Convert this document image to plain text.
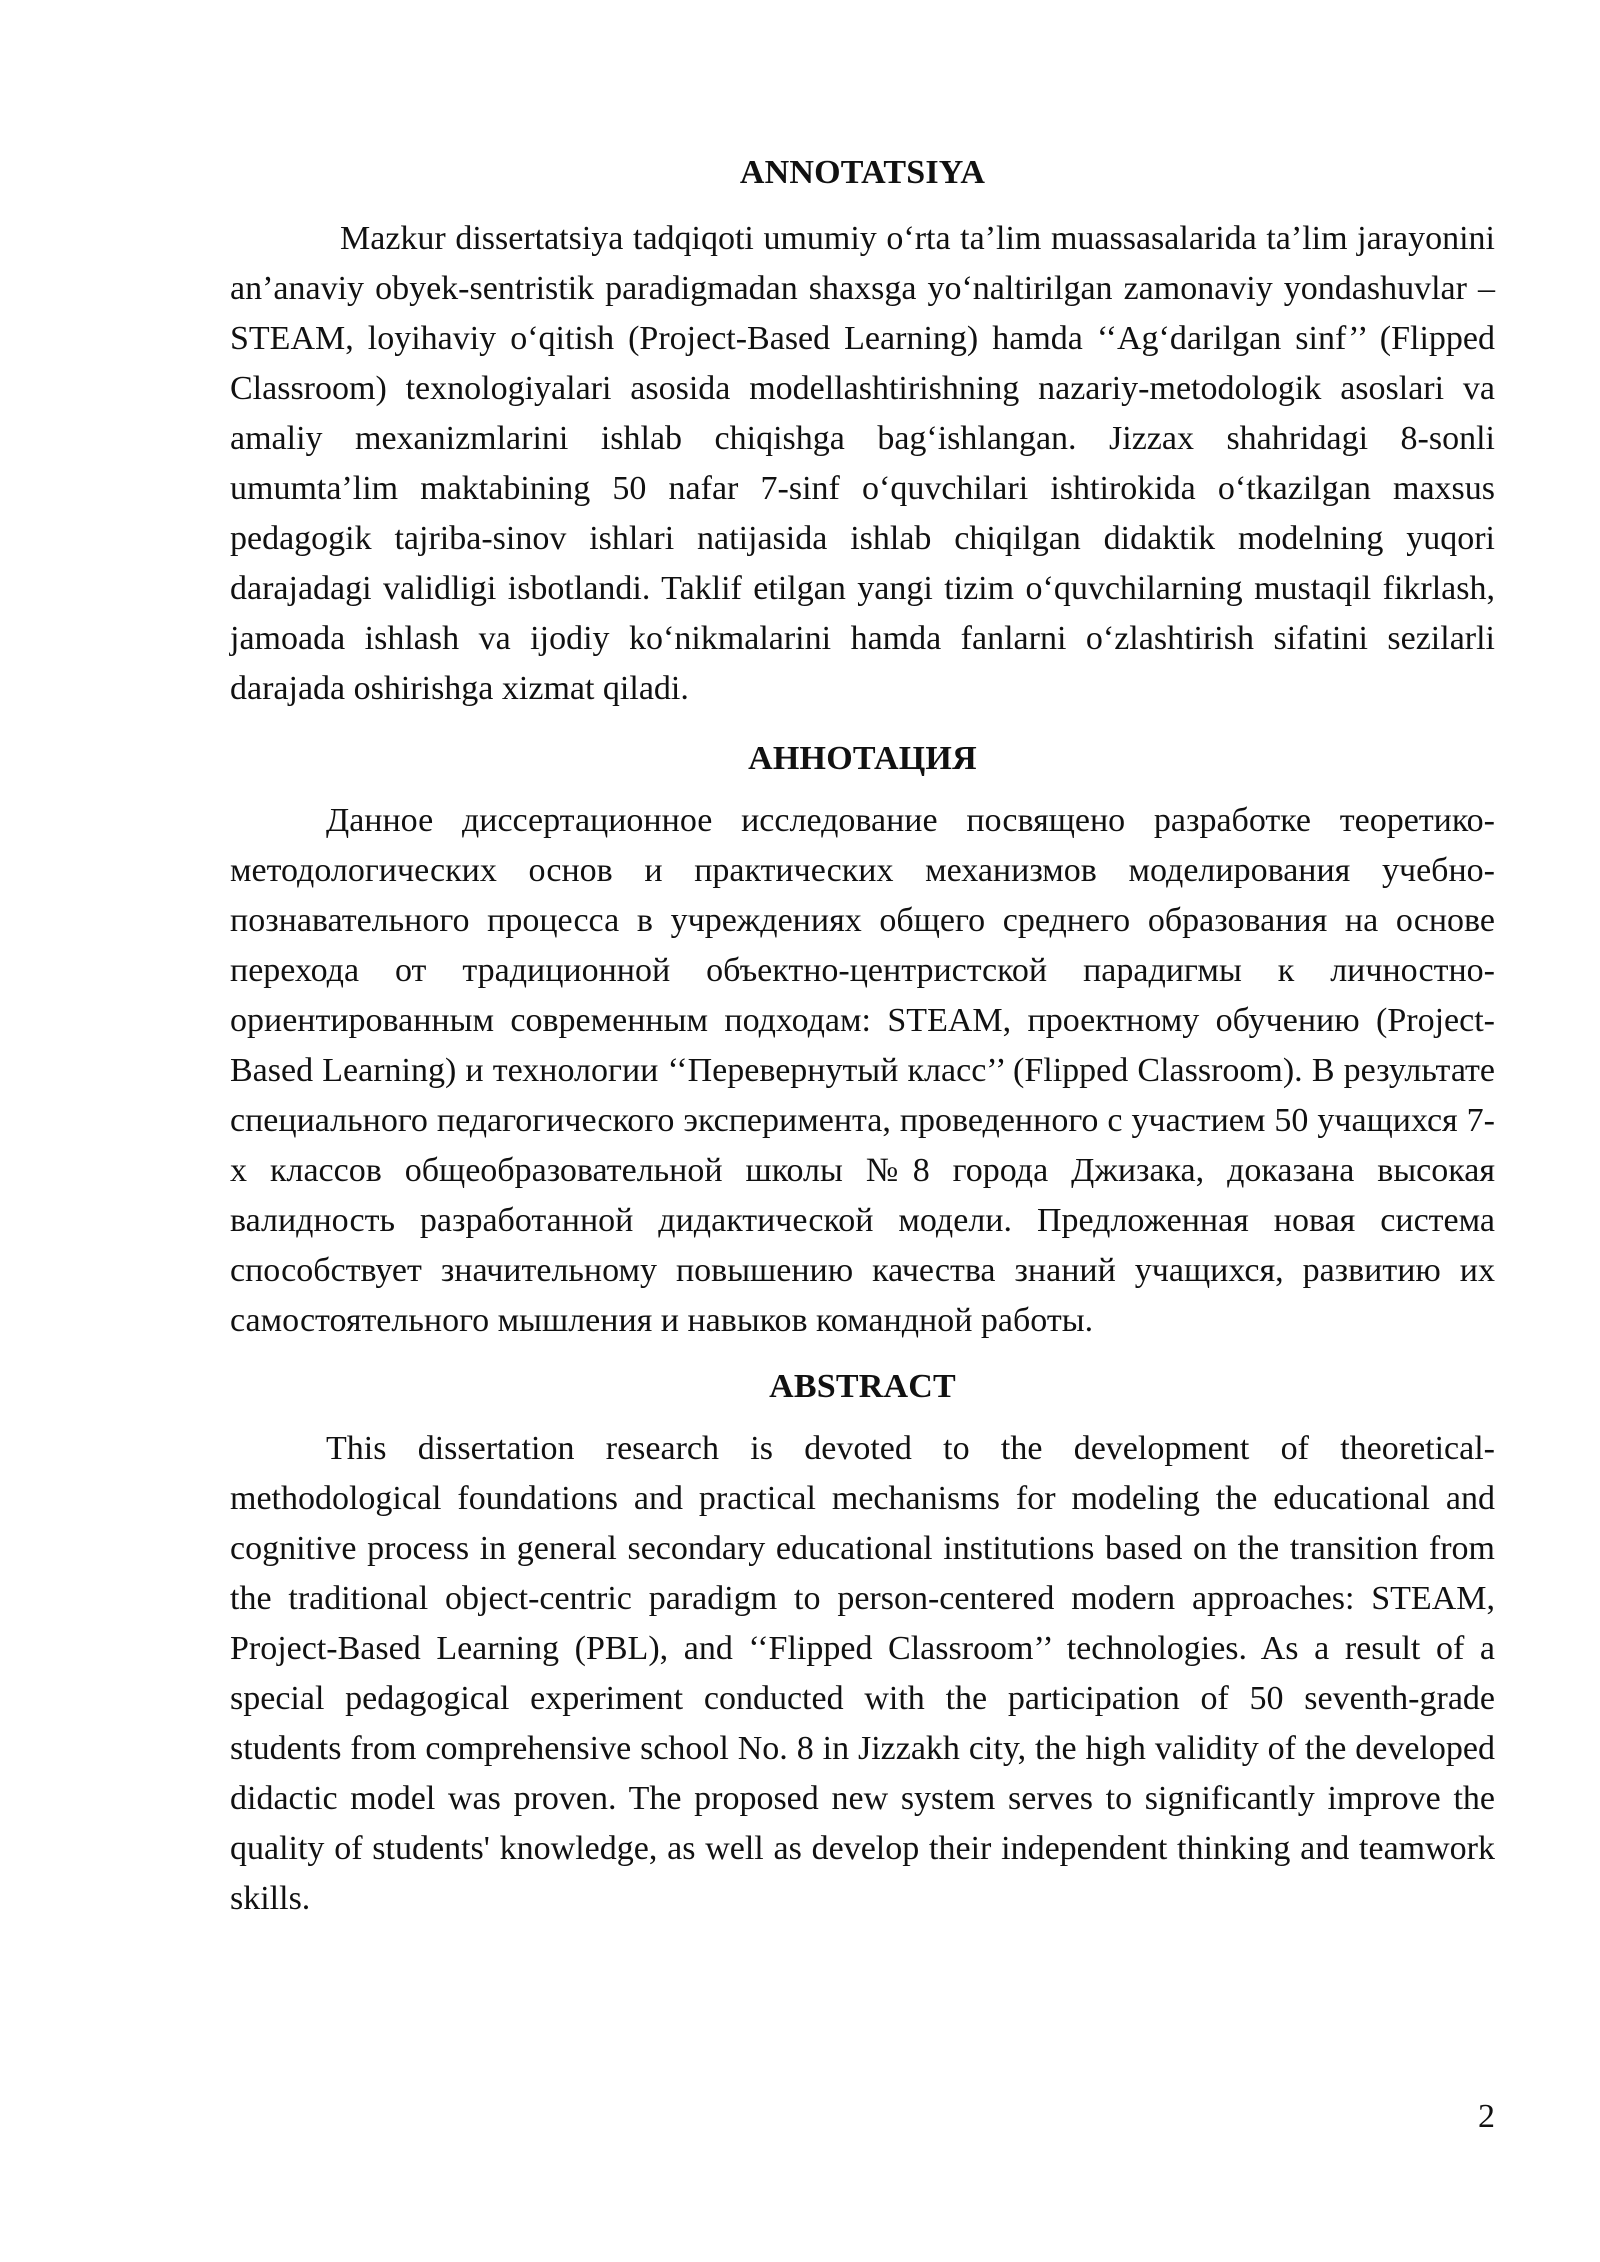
ANNOTATSIYA

Mazkur dissertatsiya tadqiqoti umumiy o‘rta ta’lim muassasalarida ta’lim jarayonini an’anaviy obyek-sentristik paradigmadan shaxsga yo‘naltirilgan zamonaviy yondashuvlar – STEAM, loyihaviy o‘qitish (Project-Based Learning) hamda ‘‘Ag‘darilgan sinf’’ (Flipped Classroom) texnologiyalari asosida modellashtirishning nazariy-metodologik asoslari va amaliy mexanizmlarini ishlab chiqishga bag‘ishlangan. Jizzax shahridagi 8-sonli umumta’lim maktabining 50 nafar 7-sinf o‘quvchilari ishtirokida o‘tkazilgan maxsus pedagogik tajriba-sinov ishlari natijasida ishlab chiqilgan didaktik modelning yuqori darajadagi validligi isbotlandi. Taklif etilgan yangi tizim o‘quvchilarning mustaqil fikrlash, jamoada ishlash va ijodiy ko‘nikmalarini hamda fanlarni o‘zlashtirish sifatini sezilarli darajada oshirishga xizmat qiladi.

АННОТАЦИЯ

Данное диссертационное исследование посвящено разработке теоретико-методологических основ и практических механизмов моделирования учебно-познавательного процесса в учреждениях общего среднего образования на основе перехода от традиционной объектно-центристской парадигмы к личностно-ориентированным современным подходам: STEAM, проектному обучению (Project-Based Learning) и технологии ‘‘Перевернутый класс’’ (Flipped Classroom). В результате специального педагогического эксперимента, проведенного с участием 50 учащихся 7-х классов общеобразовательной школы №8 города Джизака, доказана высокая валидность разработанной дидактической модели. Предложенная новая система способствует значительному повышению качества знаний учащихся, развитию их самостоятельного мышления и навыков командной работы.

ABSTRACT

This dissertation research is devoted to the development of theoretical-methodological foundations and practical mechanisms for modeling the educational and cognitive process in general secondary educational institutions based on the transition from the traditional object-centric paradigm to person-centered modern approaches: STEAM, Project-Based Learning (PBL), and ‘‘Flipped Classroom’’ technologies. As a result of a special pedagogical experiment conducted with the participation of 50 seventh-grade students from comprehensive school No. 8 in Jizzakh city, the high validity of the developed didactic model was proven. The proposed new system serves to significantly improve the quality of students' knowledge, as well as develop their independent thinking and teamwork skills.

2
